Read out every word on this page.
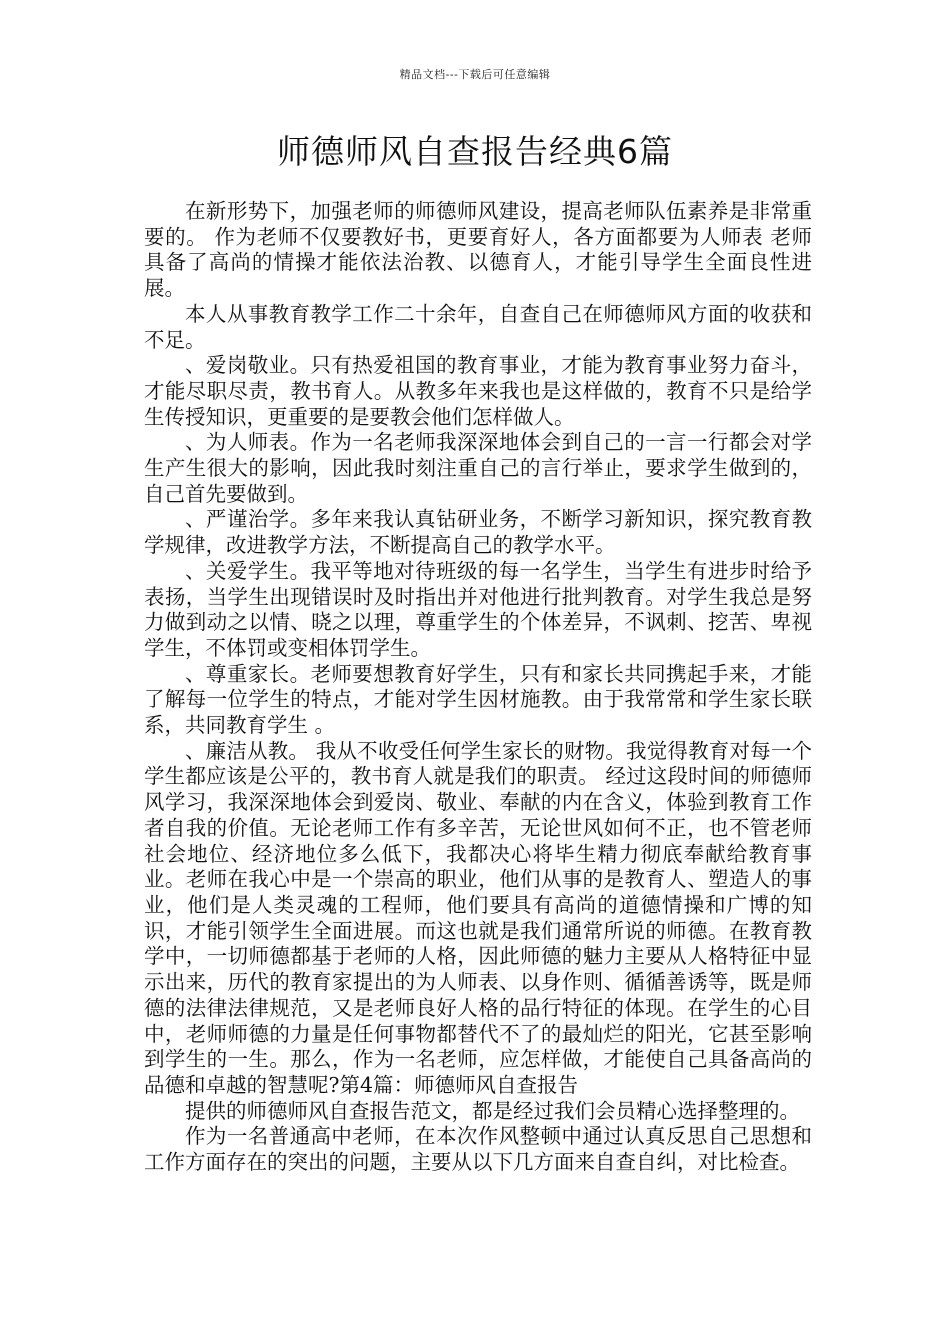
精品文档---下载后可任意编辑
师德师风自查报告经典6篇

在新形势下，加强老师的师德师风建设，提高老师队伍素养是非常重要的。 作为老师不仅要教好书，更要育好人，各方面都要为人师表 老师具备了高尚的情操才能依法治教、以德育人，才能引导学生全面良性进展。

本人从事教育教学工作二十余年，自查自己在师德师风方面的收获和不足。

、爱岗敬业。只有热爱祖国的教育事业，才能为教育事业努力奋斗，才能尽职尽责，教书育人。从教多年来我也是这样做的，教育不只是给学生传授知识，更重要的是要教会他们怎样做人。

、为人师表。作为一名老师我深深地体会到自己的一言一行都会对学生产生很大的影响，因此我时刻注重自己的言行举止，要求学生做到的，自己首先要做到。

、严谨治学。多年来我认真钻研业务，不断学习新知识，探究教育教学规律，改进教学方法，不断提高自己的教学水平。

、关爱学生。我平等地对待班级的每一名学生，当学生有进步时给予表扬，当学生出现错误时及时指出并对他进行批判教育。对学生我总是努力做到动之以情、晓之以理，尊重学生的个体差异，不讽刺、挖苦、卑视学生，不体罚或变相体罚学生。

、尊重家长。老师要想教育好学生，只有和家长共同携起手来，才能了解每一位学生的特点，才能对学生因材施教。由于我常常和学生家长联系，共同教育学生 。

、廉洁从教。 我从不收受任何学生家长的财物。我觉得教育对每一个学生都应该是公平的，教书育人就是我们的职责。 经过这段时间的师德师风学习，我深深地体会到爱岗、敬业、奉献的内在含义，体验到教育工作者自我的价值。无论老师工作有多辛苦，无论世风如何不正，也不管老师社会地位、经济地位多么低下，我都决心将毕生精力彻底奉献给教育事业。老师在我心中是一个崇高的职业，他们从事的是教育人、塑造人的事业，他们是人类灵魂的工程师，他们要具有高尚的道德情操和广博的知识，才能引领学生全面进展。而这也就是我们通常所说的师德。在教育教学中，一切师德都基于老师的人格，因此师德的魅力主要从人格特征中显示出来，历代的教育家提出的为人师表、以身作则、循循善诱等，既是师德的法律法律规范，又是老师良好人格的品行特征的体现。在学生的心目中，老师师德的力量是任何事物都替代不了的最灿烂的阳光，它甚至影响到学生的一生。那么，作为一名老师，应怎样做，才能使自己具备高尚的品德和卓越的智慧呢?第4篇：师德师风自查报告

提供的师德师风自查报告范文，都是经过我们会员精心选择整理的。

作为一名普通高中老师，在本次作风整顿中通过认真反思自己思想和工作方面存在的突出的问题，主要从以下几方面来自查自纠，对比检查。
